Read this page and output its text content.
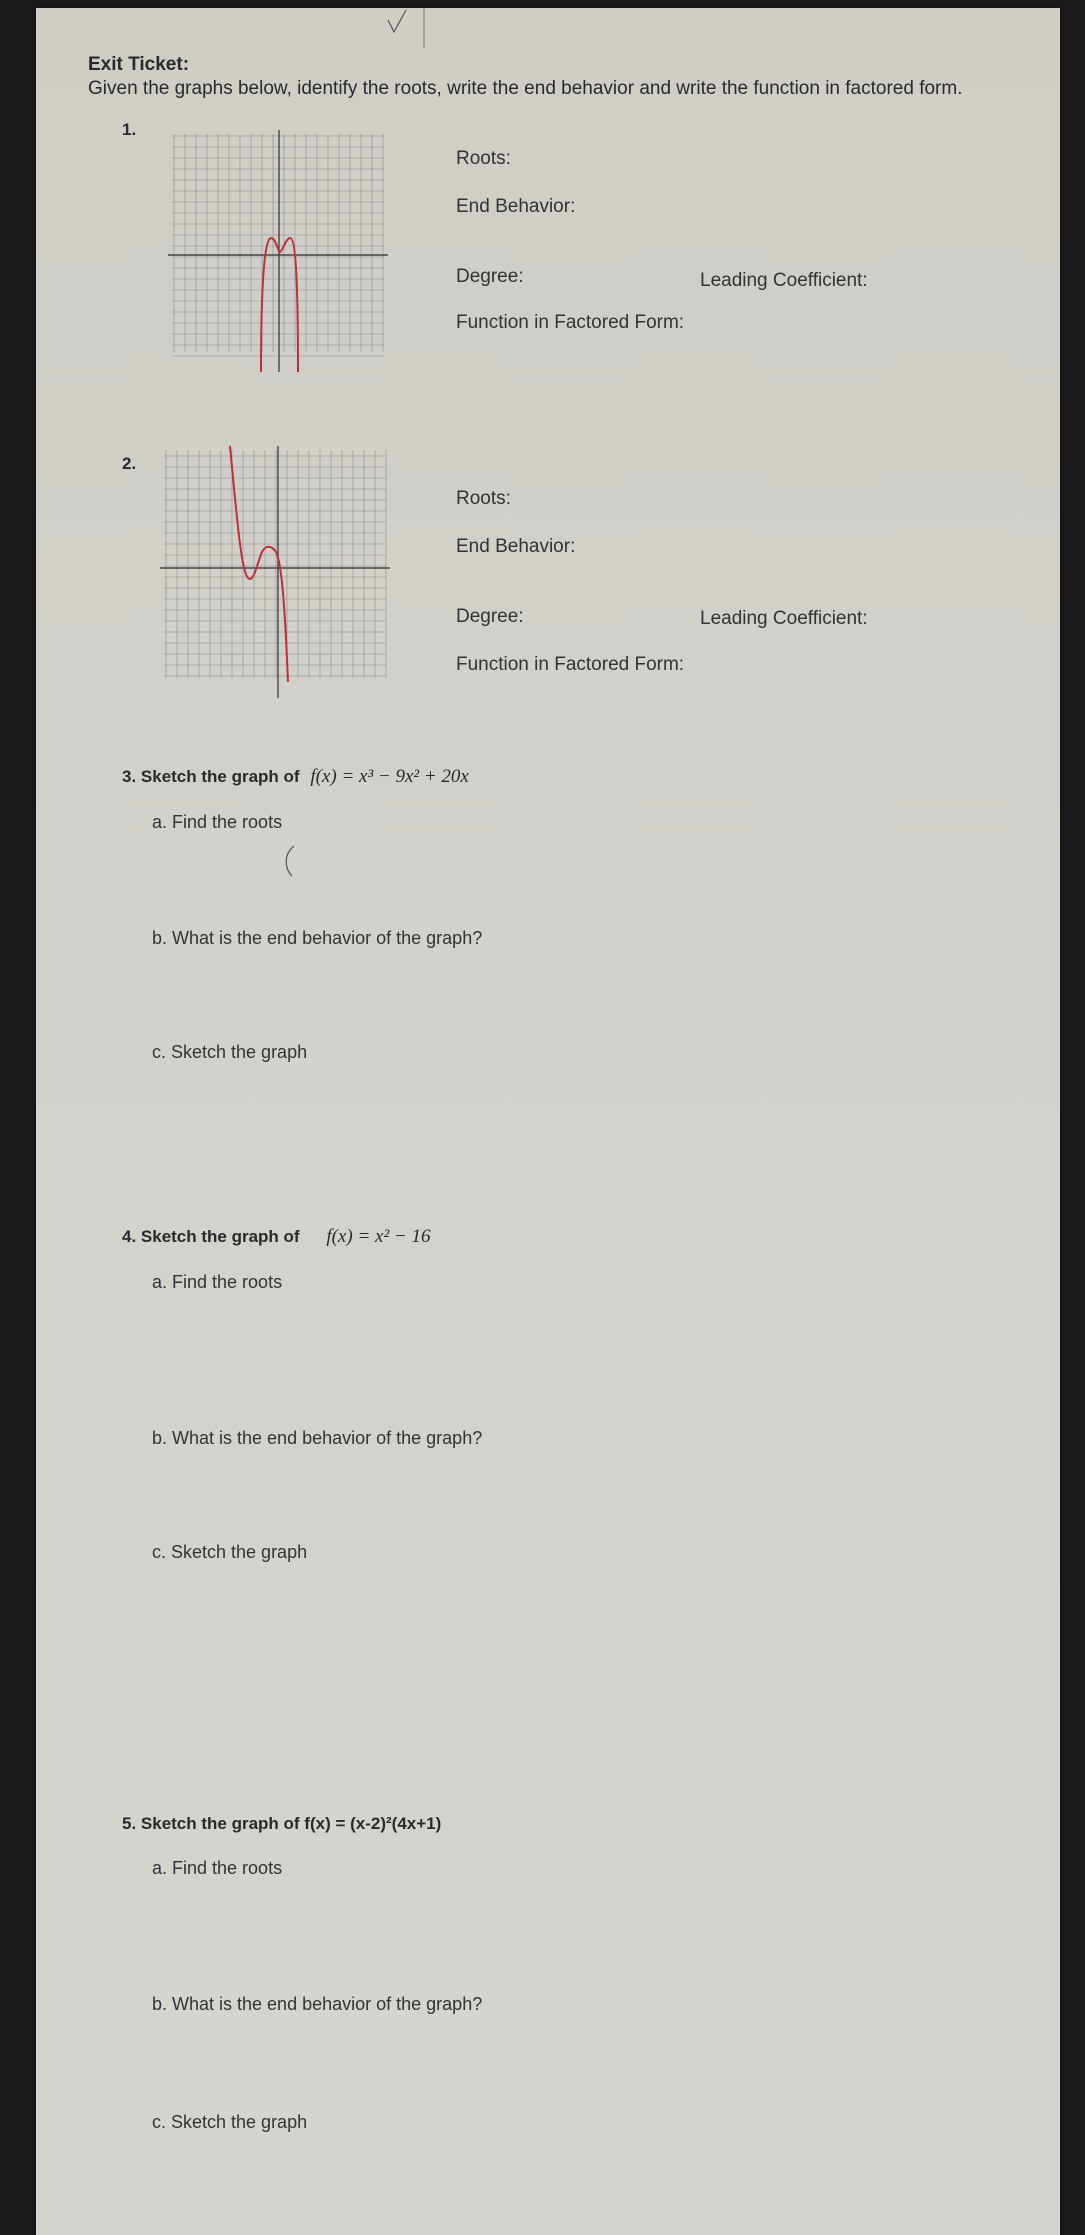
Exit Ticket:
Given the graphs below, identify the roots, write the end behavior and write the function in factored form.
1.
Roots:
End Behavior:
Degree:	Leading Coefficient:
Function in Factored Form:
2.
Roots:
End Behavior:
Degree:	Leading Coefficient:
Function in Factored Form:
3. Sketch the graph of f(x) = x³ − 9x² + 20x
a. Find the roots
b. What is the end behavior of the graph?
c. Sketch the graph
4. Sketch the graph of f(x) = x² − 16
a. Find the roots
b. What is the end behavior of the graph?
c. Sketch the graph
5. Sketch the graph of f(x) = (x-2)²(4x+1)
a. Find the roots
b. What is the end behavior of the graph?
c. Sketch the graph
